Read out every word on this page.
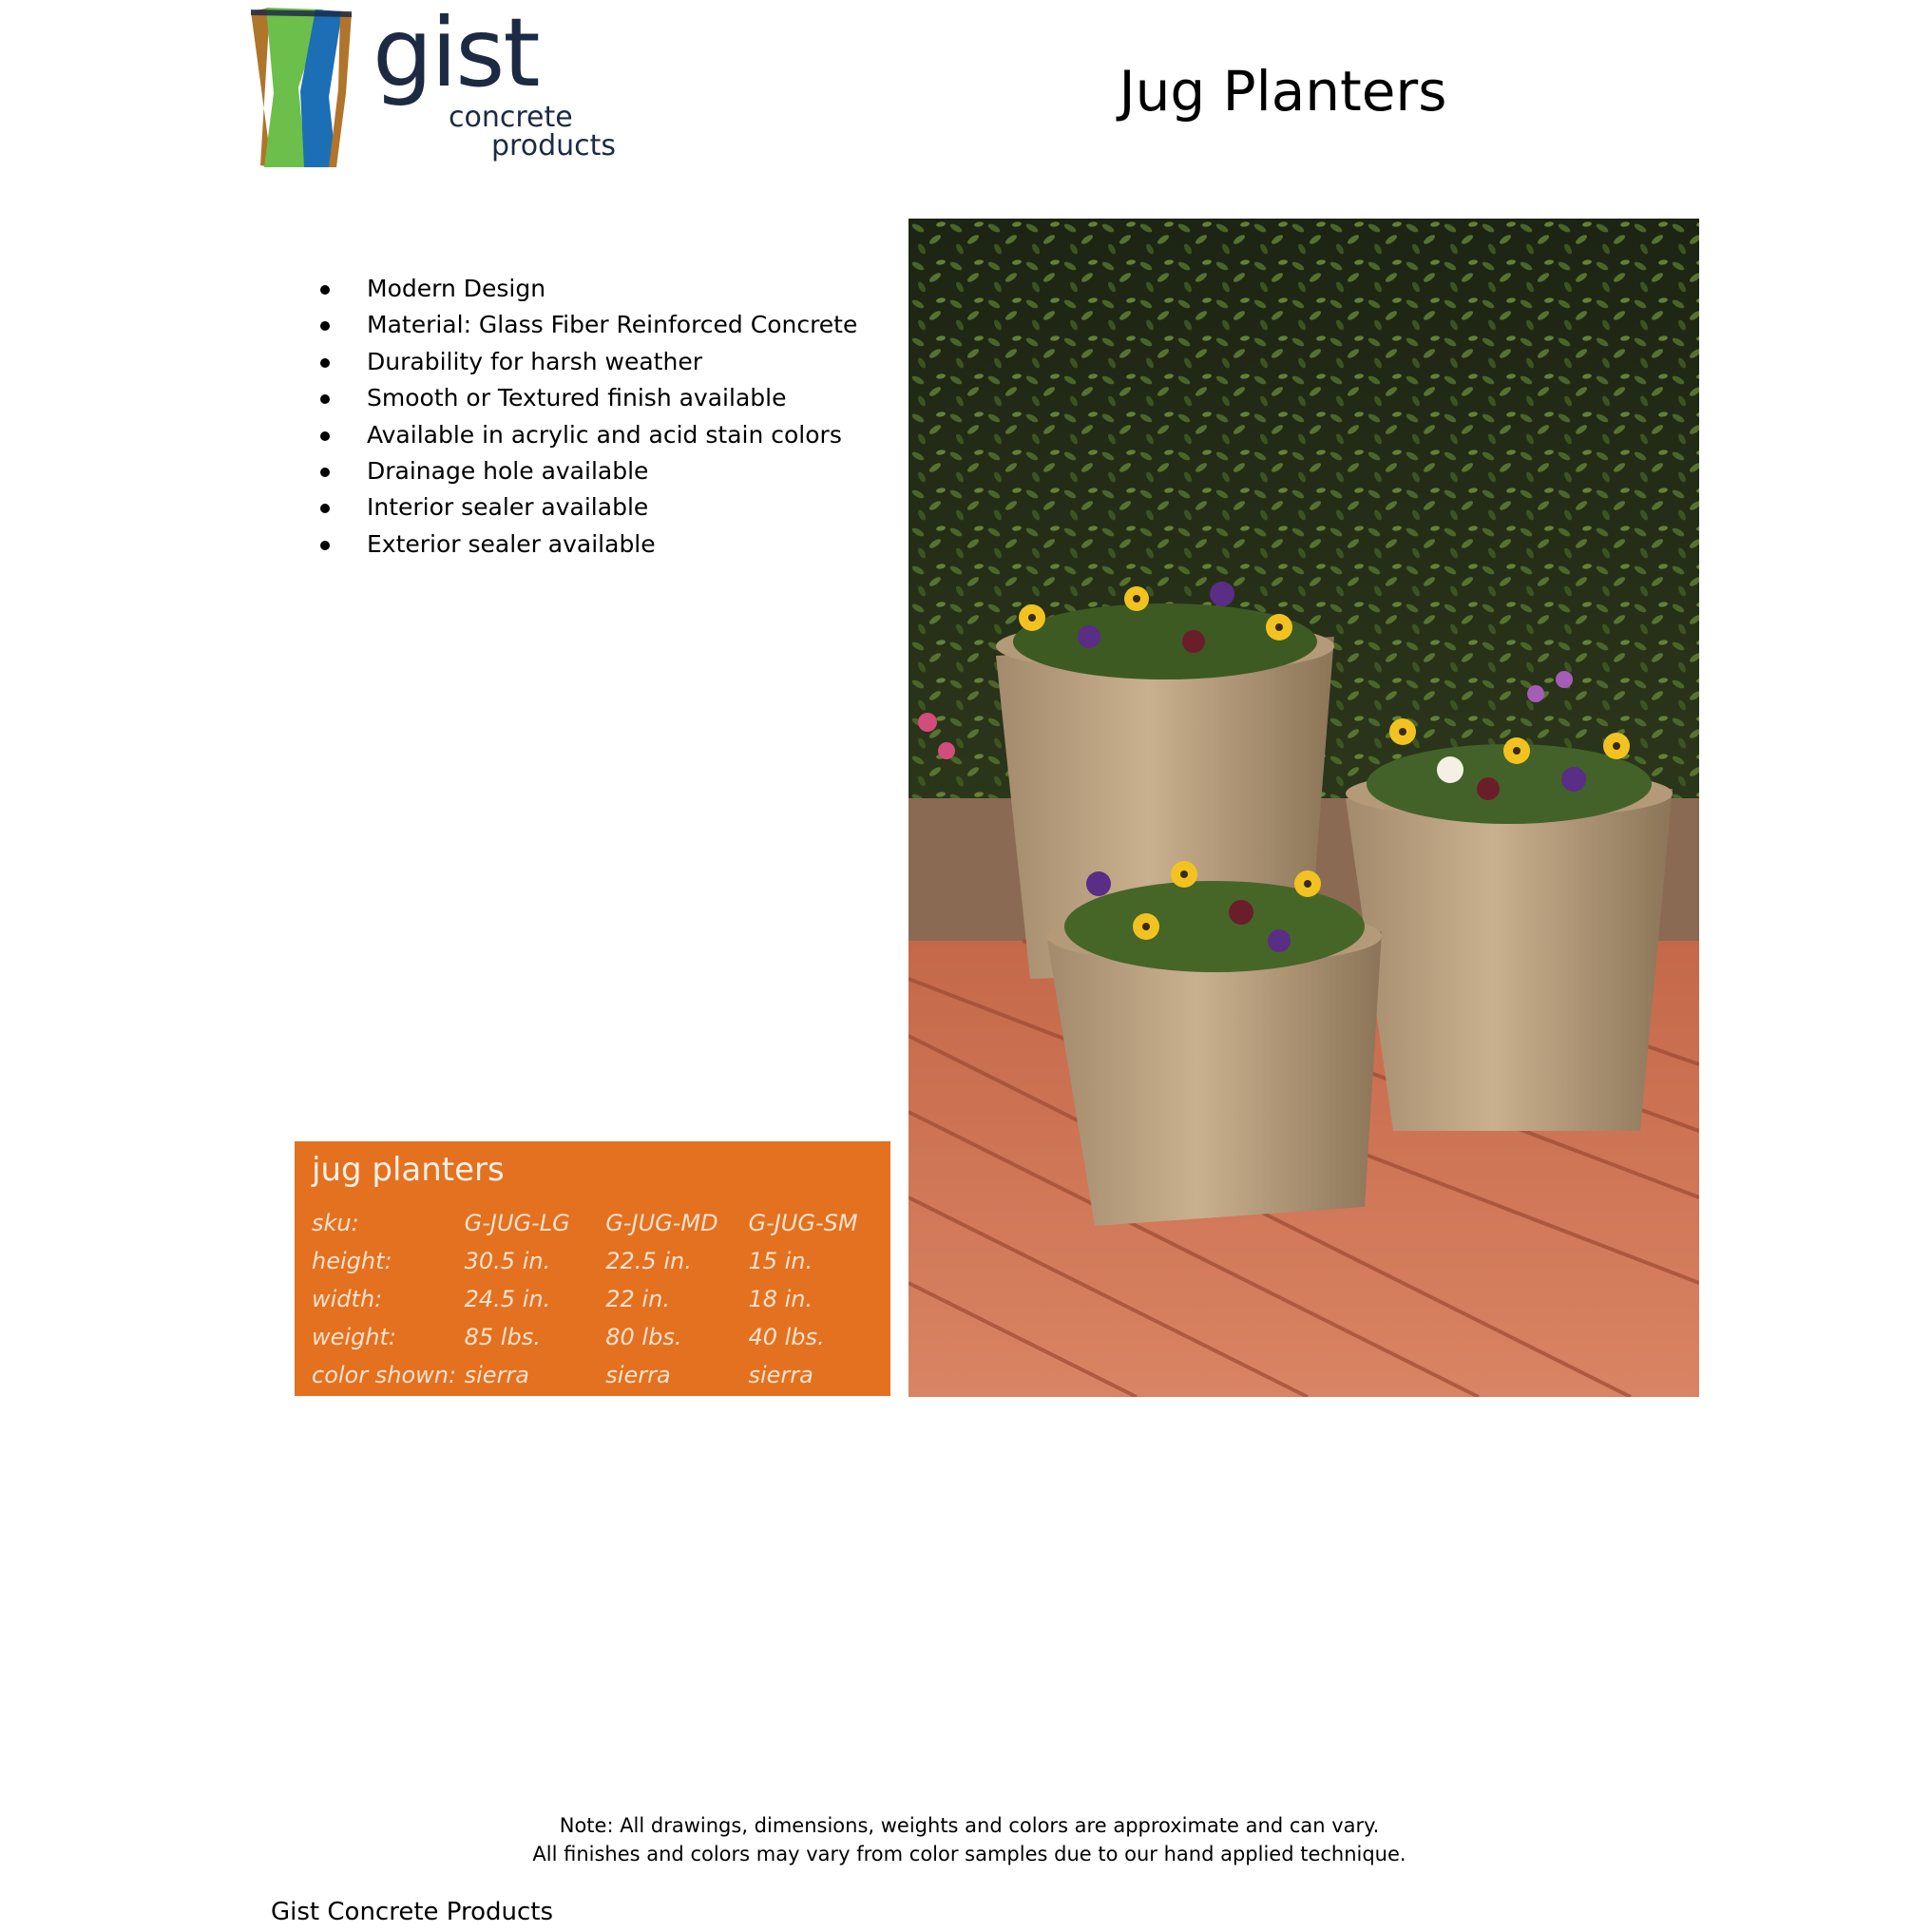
gist
concrete
products
Jug Planters
Modern Design
Material: Glass Fiber Reinforced Concrete
Durability for harsh weather
Smooth or Textured finish available
Available in acrylic and acid stain colors
Drainage hole available
Interior sealer available
Exterior sealer available
jug planters
sku:	G-JUG-LG	G-JUG-MD	G-JUG-SM
height:	30.5 in.	22.5 in.	15 in.
width:	24.5 in.	22 in.	18 in.
weight:	85 lbs.	80 lbs.	40 lbs.
color shown:	sierra	sierra	sierra
Note: All drawings, dimensions, weights and colors are approximate and can vary.
All finishes and colors may vary from color samples due to our hand applied technique.
Gist Concrete Products
